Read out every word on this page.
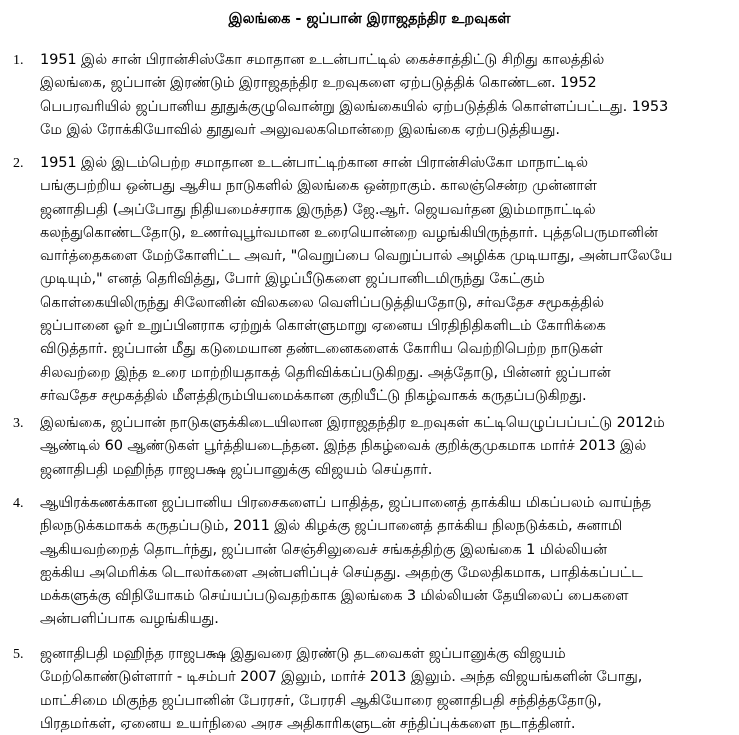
இலங்கை - ஜப்பான் இராஜதந்திர உறவுகள்
1. 1951 இல் சான் பிரான்சிஸ்கோ சமாதான உடன்பாட்டில் கைச்சாத்திட்டு சிறிது காலத்தில்
இலங்கை, ஜப்பான் இரண்டும் இராஜதந்திர உறவுகளை ஏற்படுத்திக் கொண்டன. 1952
பெபரவரியில் ஜப்பானிய தூதுக்குழுவொன்று இலங்கையில் ஏற்படுத்திக் கொள்ளப்பட்டது. 1953
மே இல் ரோக்கியோவில் தூதுவர் அலுவலகமொன்றை இலங்கை ஏற்படுத்தியது.
2. 1951 இல் இடம்பெற்ற சமாதான உடன்பாட்டிற்கான சான் பிரான்சிஸ்கோ மாநாட்டில்
பங்குபற்றிய ஒன்பது ஆசிய நாடுகளில் இலங்கை ஒன்றாகும். காலஞ்சென்ற முன்னாள்
ஜனாதிபதி (அப்போது நிதியமைச்சராக இருந்த) ஜே.ஆர். ஜெயவர்தன இம்மாநாட்டில்
கலந்துகொண்டதோடு, உணர்வுபூர்வமான உரையொன்றை வழங்கியிருந்தார். புத்தபெருமானின்
வார்த்தைகளை மேற்கோளிட்ட அவர், "வெறுப்பை வெறுப்பால் அழிக்க முடியாது, அன்பாலேயே
முடியும்," எனத் தெரிவித்து, போர் இழப்பீடுகளை ஜப்பானிடமிருந்து கேட்கும்
கொள்கையிலிருந்து சிலோனின் விலகலை வெளிப்படுத்தியதோடு, சர்வதேச சமூகத்தில்
ஜப்பானை ஓர் உறுப்பினராக ஏற்றுக் கொள்ளுமாறு ஏனைய பிரதிநிதிகளிடம் கோரிக்கை
விடுத்தார். ஜப்பான் மீது கடுமையான தண்டனைகளைக் கோரிய வெற்றிபெற்ற நாடுகள்
சிலவற்றை இந்த உரை மாற்றியதாகத் தெரிவிக்கப்படுகிறது. அத்தோடு, பின்னர் ஜப்பான்
சர்வதேச சமூகத்தில் மீளத்திரும்பியமைக்கான குறியீட்டு நிகழ்வாகக் கருதப்படுகிறது.
3. இலங்கை, ஜப்பான் நாடுகளுக்கிடையிலான இராஜதந்திர உறவுகள் கட்டியெழுப்பப்பட்டு 2012ம்
ஆண்டில் 60 ஆண்டுகள் பூர்த்தியடைந்தன. இந்த நிகழ்வைக் குறிக்குமுகமாக மார்ச் 2013 இல்
ஜனாதிபதி மஹிந்த ராஜபக்ஷ ஜப்பானுக்கு விஜயம் செய்தார்.
4. ஆயிரக்கணக்கான ஜப்பானிய பிரசைகளைப் பாதித்த, ஜப்பானைத் தாக்கிய மிகப்பலம் வாய்ந்த
நிலநடுக்கமாகக் கருதப்படும், 2011 இல் கிழக்கு ஜப்பானைத் தாக்கிய நிலநடுக்கம், சுனாமி
ஆகியவற்றைத் தொடர்ந்து, ஜப்பான் செஞ்சிலுவைச் சங்கத்திற்கு இலங்கை 1 மில்லியன்
ஐக்கிய அமெரிக்க டொலர்களை அன்பளிப்புச் செய்தது. அதற்கு மேலதிகமாக, பாதிக்கப்பட்ட
மக்களுக்கு விநியோகம் செய்யப்படுவதற்காக இலங்கை 3 மில்லியன் தேயிலைப் பைகளை
அன்பளிப்பாக வழங்கியது.
5. ஜனாதிபதி மஹிந்த ராஜபக்ஷ இதுவரை இரண்டு தடவைகள் ஜப்பானுக்கு விஜயம்
மேற்கொண்டுள்ளார் - டிசம்பர் 2007 இலும், மார்ச் 2013 இலும். அந்த விஜயங்களின் போது,
மாட்சிமை மிகுந்த ஜப்பானின் பேரரசர், பேரரசி ஆகியோரை ஜனாதிபதி சந்தித்ததோடு,
பிரதமர்கள், ஏனைய உயர்நிலை அரச அதிகாரிகளுடன் சந்திப்புக்களை நடாத்தினர்.
